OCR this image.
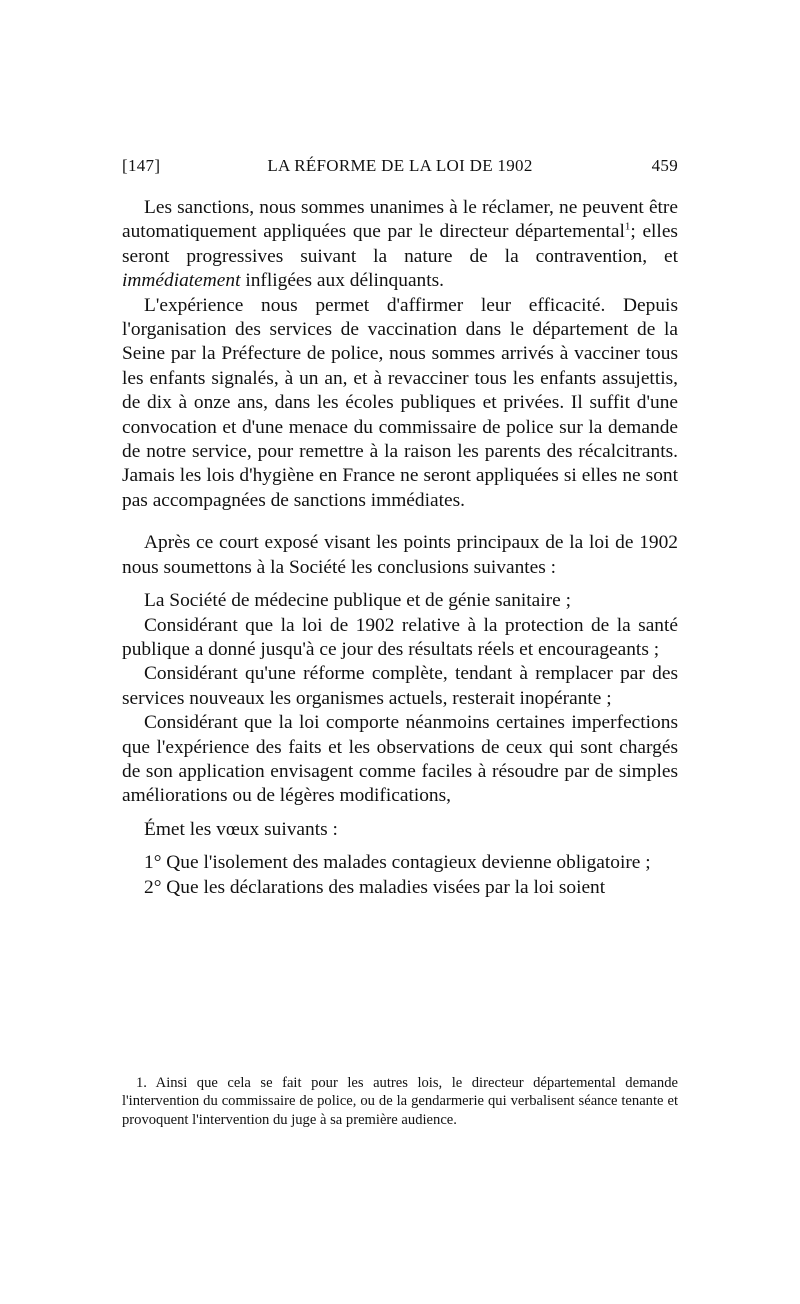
LA RÉFORME DE LA LOI DE 1902
[147]	459

Les sanctions, nous sommes unanimes à le réclamer, ne peuvent être automatiquement appliquées que par le directeur départemental$^1$; elles seront progressives suivant la nature de la contravention, et immédiatement infligées aux délinquants.

L'expérience nous permet d'affirmer leur efficacité. Depuis l'organisation des services de vaccination dans le département de la Seine par la Préfecture de police, nous sommes arrivés à vacciner tous les enfants signalés, à un an, et à revacciner tous les enfants assujettis, de dix à onze ans, dans les écoles publiques et privées. Il suffit d'une convocation et d'une menace du commissaire de police sur la demande de notre service, pour remettre à la raison les parents des récalcitrants. Jamais les lois d'hygiène en France ne seront appliquées si elles ne sont pas accompagnées de sanctions immédiates.

Après ce court exposé visant les points principaux de la loi de 1902 nous soumettons à la Société les conclusions suivantes :

La Société de médecine publique et de génie sanitaire ;

Considérant que la loi de 1902 relative à la protection de la santé publique a donné jusqu'à ce jour des résultats réels et encourageants ;

Considérant qu'une réforme complète, tendant à remplacer par des services nouveaux les organismes actuels, resterait inopérante ;

Considérant que la loi comporte néanmoins certaines imperfections que l'expérience des faits et les observations de ceux qui sont chargés de son application envisagent comme faciles à résoudre par de simples améliorations ou de légères modifications,

Émet les vœux suivants :

1° Que l'isolement des malades contagieux devienne obligatoire ;

2° Que les déclarations des maladies visées par la loi soient

1. Ainsi que cela se fait pour les autres lois, le directeur départemental demande l'intervention du commissaire de police, ou de la gendarmerie qui verbalisent séance tenante et provoquent l'intervention du juge à sa première audience.
